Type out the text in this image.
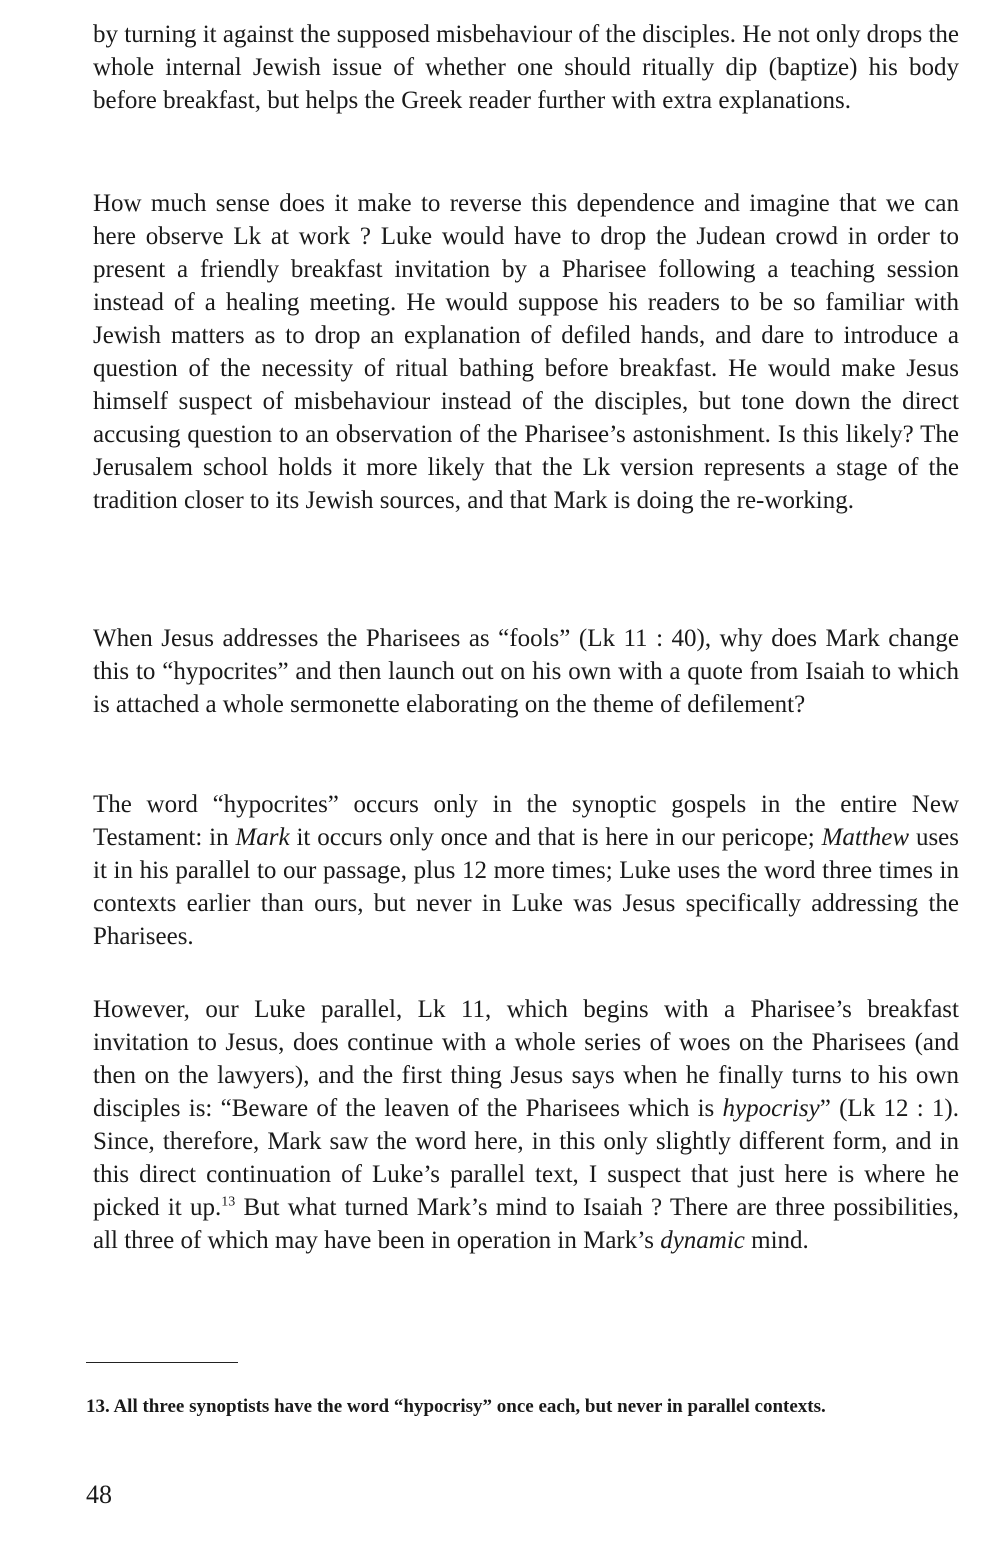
by turning it against the supposed misbehaviour of the disciples. He not only drops the whole internal Jewish issue of whether one should ritually dip (baptize) his body before breakfast, but helps the Greek reader further with extra explanations.

How much sense does it make to reverse this dependence and imagine that we can here observe Lk at work ? Luke would have to drop the Judean crowd in order to present a friendly breakfast invitation by a Pharisee following a teaching session instead of a healing meeting. He would suppose his readers to be so familiar with Jewish matters as to drop an explanation of defiled hands, and dare to introduce a question of the necessity of ritual bathing before breakfast. He would make Jesus himself suspect of misbehaviour instead of the disciples, but tone down the direct accusing question to an observation of the Pharisee’s astonishment. Is this likely? The Jerusalem school holds it more likely that the Lk version represents a stage of the tradition closer to its Jewish sources, and that Mark is doing the re-working.

When Jesus addresses the Pharisees as “fools” (Lk 11 : 40), why does Mark change this to “hypocrites” and then launch out on his own with a quote from Isaiah to which is attached a whole sermonette elaborating on the theme of defilement?

The word “hypocrites” occurs only in the synoptic gospels in the entire New Testament: in Mark it occurs only once and that is here in our pericope; Matthew uses it in his parallel to our passage, plus 12 more times; Luke uses the word three times in contexts earlier than ours, but never in Luke was Jesus specifically addressing the Pharisees.

However, our Luke parallel, Lk 11, which begins with a Pharisee’s breakfast invitation to Jesus, does continue with a whole series of woes on the Pharisees (and then on the lawyers), and the first thing Jesus says when he finally turns to his own disciples is: “Beware of the leaven of the Pharisees which is hypocrisy” (Lk 12 : 1). Since, therefore, Mark saw the word here, in this only slightly different form, and in this direct continuation of Luke’s parallel text, I suspect that just here is where he picked it up.$^{13}$ But what turned Mark’s mind to Isaiah ? There are three possibilities, all three of which may have been in operation in Mark’s dynamic mind.

13. All three synoptists have the word “hypocrisy” once each, but never in parallel contexts.

48
